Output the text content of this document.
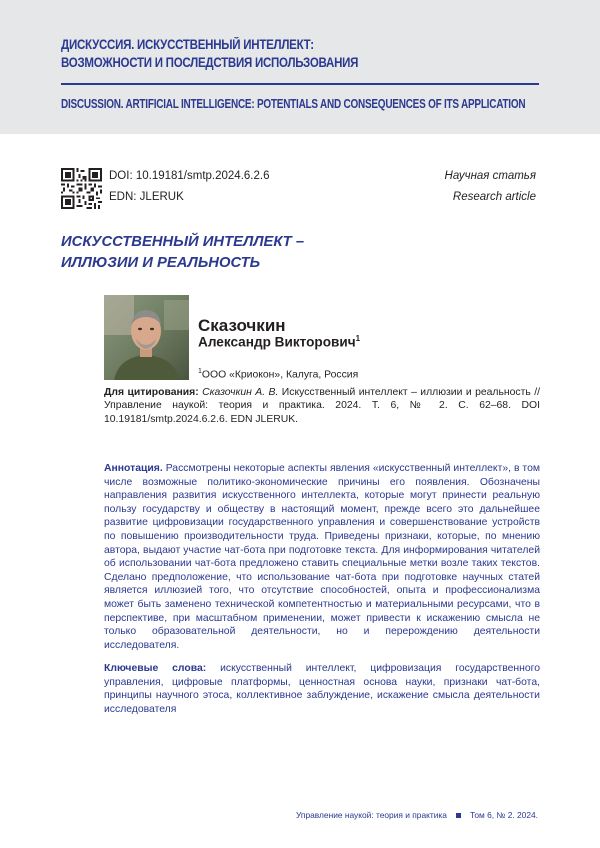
ДИСКУССИЯ. ИСКУССТВЕННЫЙ ИНТЕЛЛЕКТ:
ВОЗМОЖНОСТИ И ПОСЛЕДСТВИЯ ИСПОЛЬЗОВАНИЯ
DISCUSSION. ARTIFICIAL INTELLIGENCE: POTENTIALS AND CONSEQUENCES OF ITS APPLICATION
DOI: 10.19181/smtp.2024.6.2.6
EDN: JLERUK
Научная статья
Research article
ИСКУССТВЕННЫЙ ИНТЕЛЛЕКТ –
ИЛЛЮЗИИ И РЕАЛЬНОСТЬ
Сказочкин
Александр Викторович$^1$
$^1$ООО «Криокон», Калуга, Россия
Для цитирования: Сказочкин А. В. Искусственный интеллект – иллюзии и реальность // Управление наукой: теория и практика. 2024. Т. 6, № 2. С. 62–68. DOI 10.19181/smtp.2024.6.2.6. EDN JLERUK.
Аннотация. Рассмотрены некоторые аспекты явления «искусственный интеллект», в том числе возможные политико-экономические причины его появления. Обозначены направления развития искусственного интеллекта, которые могут принести реальную пользу государству и обществу в настоящий момент, прежде всего это дальнейшее развитие цифровизации государственного управления и совершенствование устройств по повышению производительности труда. Приведены признаки, которые, по мнению автора, выдают участие чат-бота при подготовке текста. Для информирования читателей об использовании чат-бота предложено ставить специальные метки возле таких текстов. Сделано предположение, что использование чат-бота при подготовке научных статей является иллюзией того, что отсутствие способностей, опыта и профессионализма может быть заменено технической компетентностью и материальными ресурсами, что в перспективе, при масштабном применении, может привести к искажению смысла не только образовательной деятельности, но и перерождению деятельности исследователя.
Ключевые слова: искусственный интеллект, цифровизация государственного управления, цифровые платформы, ценностная основа науки, признаки чат-бота, принципы научного этоса, коллективное заблуждение, искажение смысла деятельности исследователя
Управление наукой: теория и практика	Том 6, № 2. 2024.
